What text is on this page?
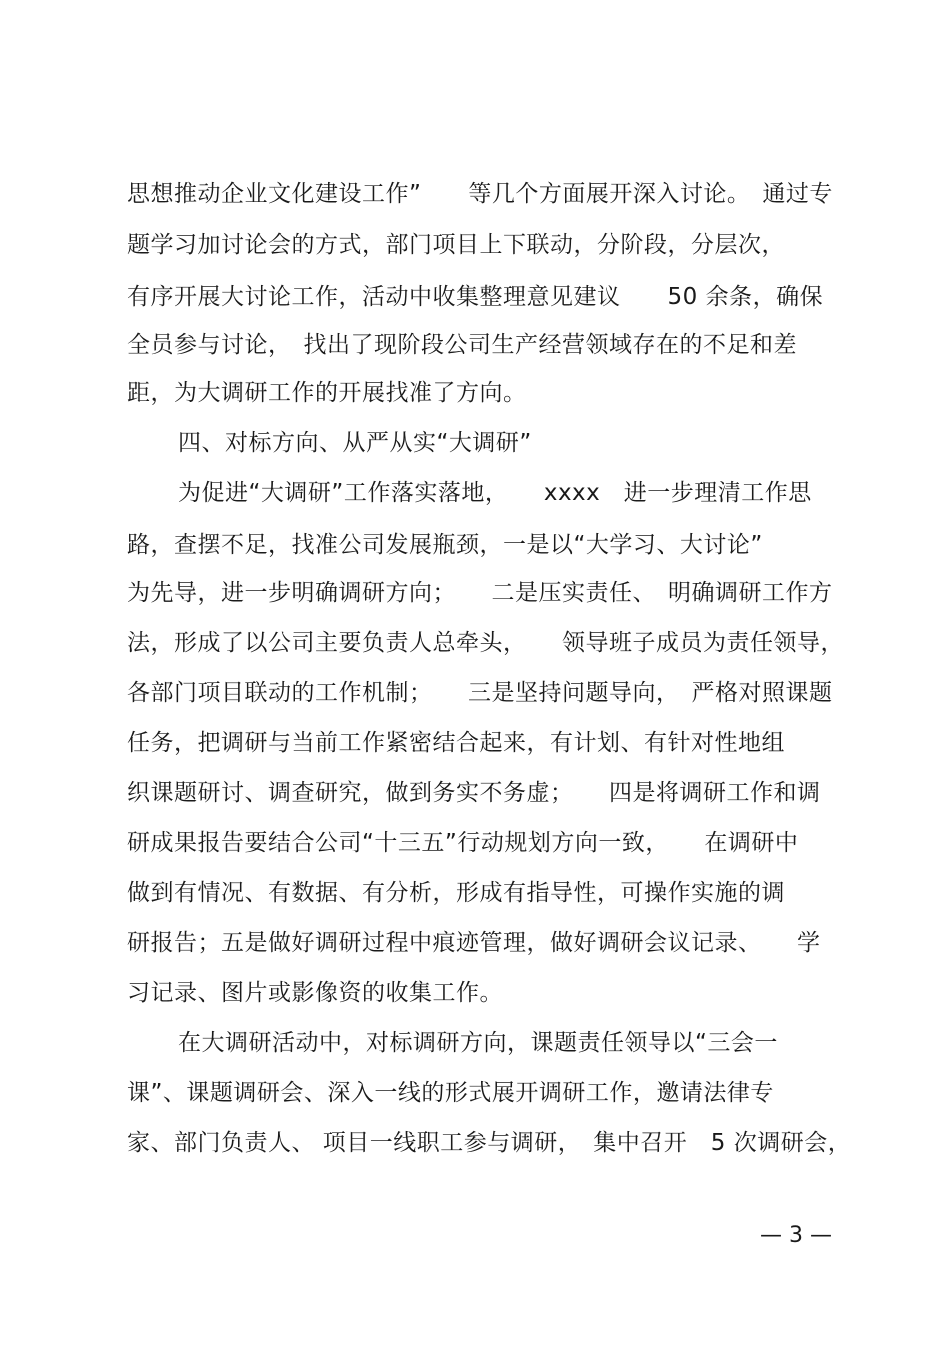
思想推动企业文化建设工作”　　等几个方面展开深入讨论。　通过专
题学习加讨论会的方式，部门项目上下联动，分阶段，分层次，
有序开展大讨论工作，活动中收集整理意见建议　　50 余条，确保
全员参与讨论，　找出了现阶段公司生产经营领域存在的不足和差
距，为大调研工作的开展找准了方向。
四、对标方向、从严从实“大调研”
为促进“大调研”工作落实落地，　　xxxx　进一步理清工作思
路，查摆不足，找准公司发展瓶颈，一是以“大学习、大讨论”
为先导，进一步明确调研方向；　　二是压实责任、　明确调研工作方
法，形成了以公司主要负责人总牵头，　　领导班子成员为责任领导，
各部门项目联动的工作机制；　　三是坚持问题导向，　严格对照课题
任务，把调研与当前工作紧密结合起来，有计划、有针对性地组
织课题研讨、调查研究，做到务实不务虚；　　四是将调研工作和调
研成果报告要结合公司“十三五”行动规划方向一致，　　在调研中
做到有情况、有数据、有分析，形成有指导性，可操作实施的调
研报告；五是做好调研过程中痕迹管理，做好调研会议记录、　　学
习记录、图片或影像资的收集工作。
在大调研活动中，对标调研方向，课题责任领导以“三会一
课”、课题调研会、深入一线的形式展开调研工作，邀请法律专
家、部门负责人、 项目一线职工参与调研，　集中召开　5 次调研会，
— 3 —
